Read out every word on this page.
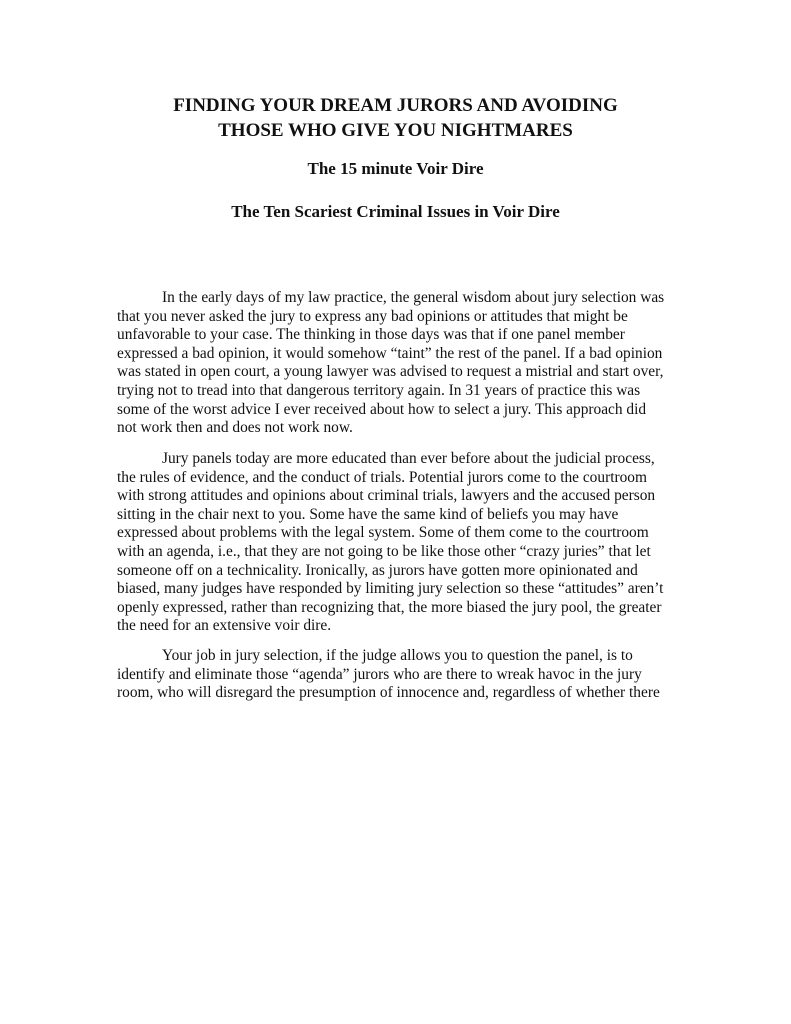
FINDING YOUR DREAM JURORS AND AVOIDING
THOSE WHO GIVE YOU NIGHTMARES
The 15 minute Voir Dire
The Ten Scariest Criminal Issues in Voir Dire
In the early days of my law practice, the general wisdom about jury selection was
that you never asked the jury to express any bad opinions or attitudes that might be
unfavorable to your case. The thinking in those days was that if one panel member
expressed a bad opinion, it would somehow “taint” the rest of the panel. If a bad opinion
was stated in open court, a young lawyer was advised to request a mistrial and start over,
trying not to tread into that dangerous territory again. In 31 years of practice this was
some of the worst advice I ever received about how to select a jury. This approach did
not work then and does not work now.
Jury panels today are more educated than ever before about the judicial process,
the rules of evidence, and the conduct of trials. Potential jurors come to the courtroom
with strong attitudes and opinions about criminal trials, lawyers and the accused person
sitting in the chair next to you. Some have the same kind of beliefs you may have
expressed about problems with the legal system. Some of them come to the courtroom
with an agenda, i.e., that they are not going to be like those other “crazy juries” that let
someone off on a technicality. Ironically, as jurors have gotten more opinionated and
biased, many judges have responded by limiting jury selection so these “attitudes” aren’t
openly expressed, rather than recognizing that, the more biased the jury pool, the greater
the need for an extensive voir dire.
Your job in jury selection, if the judge allows you to question the panel, is to
identify and eliminate those “agenda” jurors who are there to wreak havoc in the jury
room, who will disregard the presumption of innocence and, regardless of whether there
